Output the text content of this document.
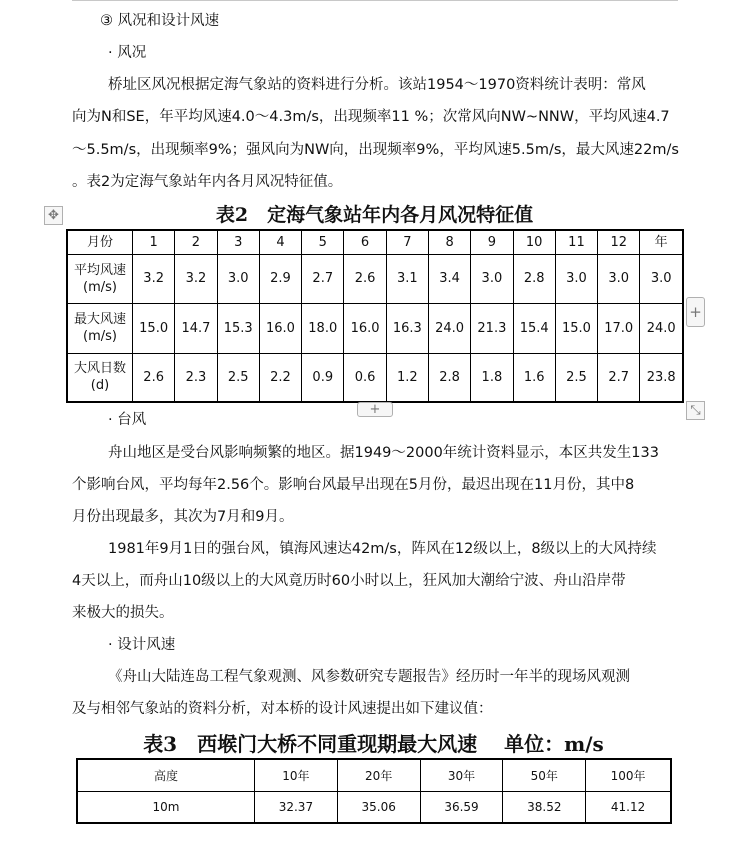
③ 风况和设计风速
· 风况
桥址区风况根据定海气象站的资料进行分析。该站1954～1970资料统计表明：常风
向为N和SE，年平均风速4.0～4.3m/s，出现频率11 %；次常风向NW~NNW，平均风速4.7
～5.5m/s，出现频率9%；强风向为NW向，出现频率9%，平均风速5.5m/s，最大风速22m/s
。表2为定海气象站年内各月风况特征值。
表2　定海气象站年内各月风况特征值
✥
月份	1	2	3	4	5	6	7	8	9	10	11	12	年

平均风速
(m/s)	3.2	3.2	3.0	2.9	2.7	2.6	3.1	3.4	3.0	2.8	3.0	3.0	3.0

最大风速
(m/s)	15.0	14.7	15.3	16.0	18.0	16.0	16.3	24.0	21.3	15.4	15.0	17.0	24.0

大风日数
(d)	2.6	2.3	2.5	2.2	0.9	0.6	1.2	2.8	1.8	1.6	2.5	2.7	23.8
+
+	⤡
· 台风
舟山地区是受台风影响频繁的地区。据1949～2000年统计资料显示，本区共发生133
个影响台风，平均每年2.56个。影响台风最早出现在5月份，最迟出现在11月份，其中8
月份出现最多，其次为7月和9月。
1981年9月1日的强台风，镇海风速达42m/s，阵风在12级以上，8级以上的大风持续
4天以上，而舟山10级以上的大风竟历时60小时以上，狂风加大潮给宁波、舟山沿岸带
来极大的损失。
· 设计风速
《舟山大陆连岛工程气象观测、风参数研究专题报告》经历时一年半的现场风观测
及与相邻气象站的资料分析，对本桥的设计风速提出如下建议值：
表3　西堠门大桥不同重现期最大风速　 单位：m/s
高度	10年	20年	30年	50年	100年
10m	32.37	35.06	36.59	38.52	41.12
